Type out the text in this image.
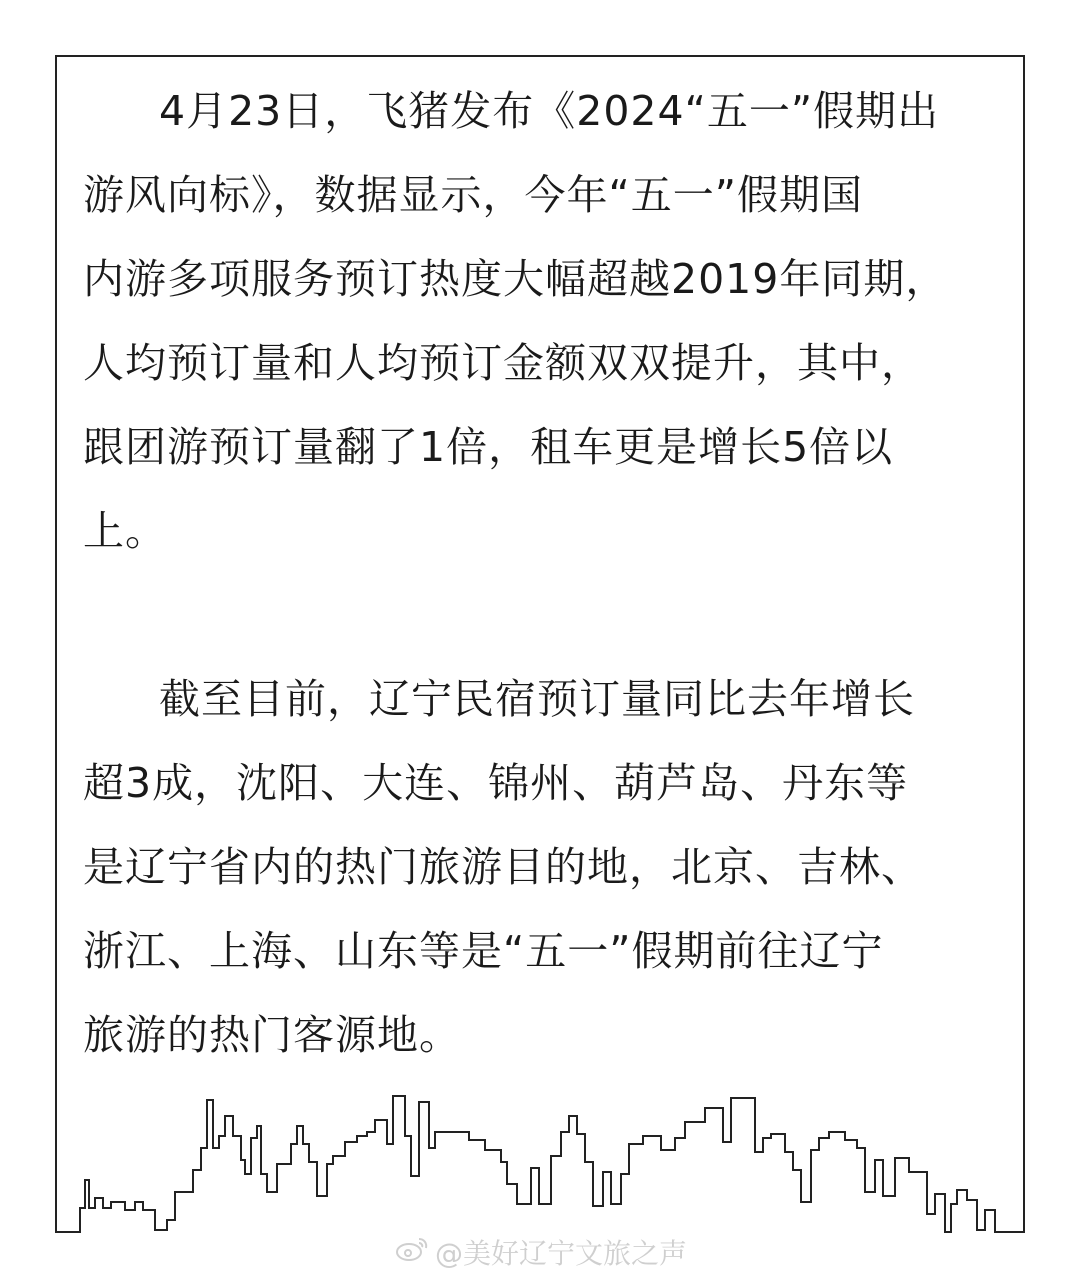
4月23日，飞猪发布《2024“五一”假期出
游风向标》，数据显示，今年“五一”假期国
内游多项服务预订热度大幅超越2019年同期，
人均预订量和人均预订金额双双提升，其中，
跟团游预订量翻了1倍，租车更是增长5倍以
上。

截至目前，辽宁民宿预订量同比去年增长
超3成，沈阳、大连、锦州、葫芦岛、丹东等
是辽宁省内的热门旅游目的地，北京、吉林、
浙江、上海、山东等是“五一”假期前往辽宁
旅游的热门客源地。

@美好辽宁文旅之声
